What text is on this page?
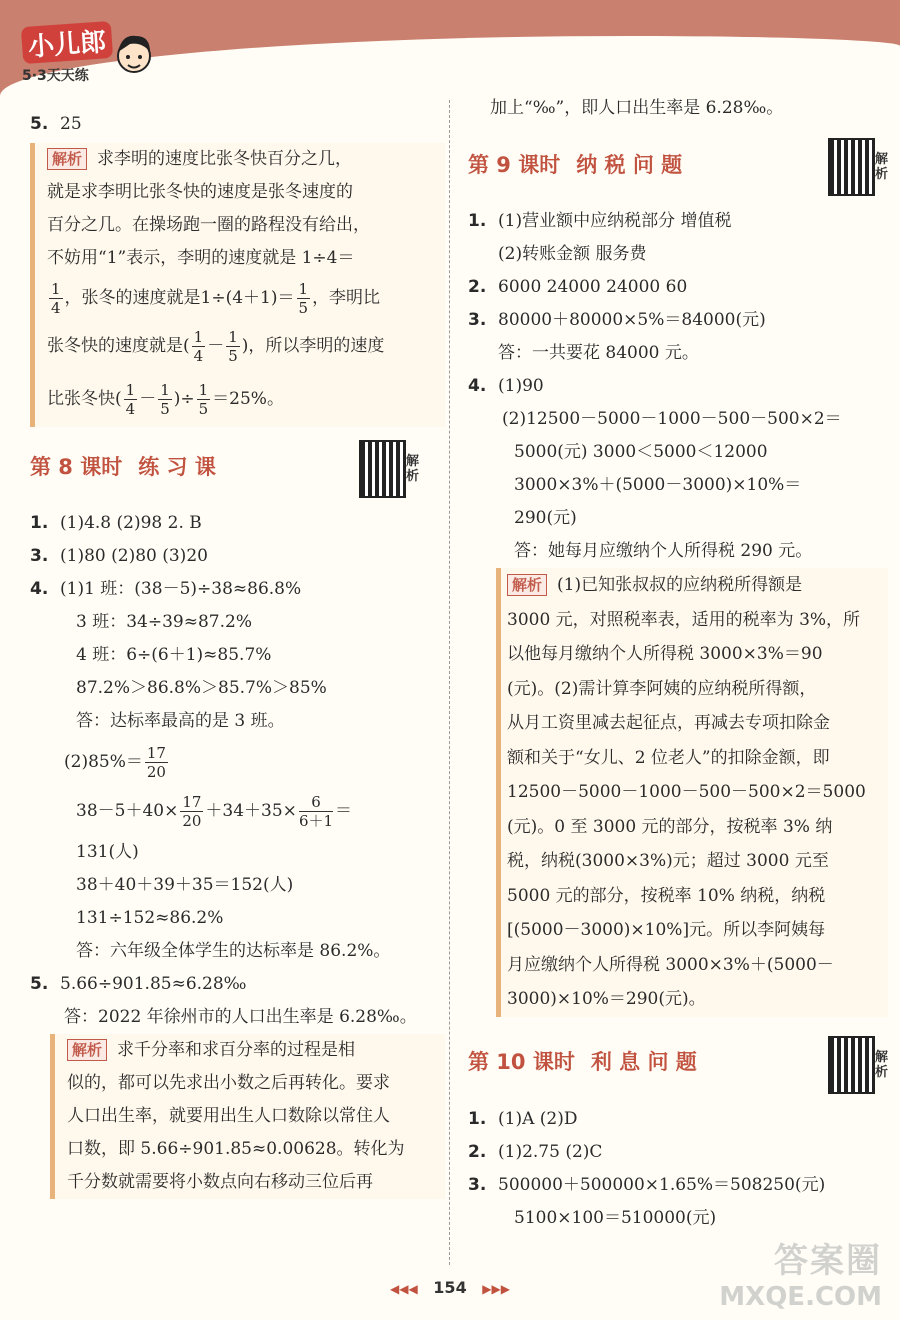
小儿郎
5·3天天练

5. 25

解析 求李明的速度比张冬快百分之几，

就是求李明比张冬快的速度是张冬速度的

百分之几。在操场跑一圈的路程没有给出，

不妨用“1”表示，李明的速度就是 1÷4＝

$\frac{1}{4}$ ，张冬的速度就是$1\div(4+1)= \frac{1}{5}$ ，李明比

张冬快的速度就是( $\frac{1}{4} - \frac{1}{5}$ )，所以李明的速度

比张冬快( $\frac{1}{4} - \frac{1}{5}$ )÷ $\frac{1}{5} =25\%$。

第 8 课时 练 习 课	解析

1. (1)4.8 (2)98 2. B

3. (1)80 (2)80 (3)20

4. (1)1 班：(38－5)÷38≈86.8%

3 班：34÷39≈87.2%

4 班：6÷(6＋1)≈85.7%

87.2%＞86.8%＞85.7%＞85%

答：达标率最高的是 3 班。

$(2)85\%= \frac{17}{20}$

$38-5+40\times \frac{17}{20} +34+35\times \frac{6}{6+1}$ ＝

131(人)

38＋40＋39＋35＝152(人)

131÷152≈86.2%

答：六年级全体学生的达标率是 86.2%。

5. 5.66÷901.85≈6.28‰

答：2022 年徐州市的人口出生率是 6.28‰。

解析 求千分率和求百分率的过程是相

似的，都可以先求出小数之后再转化。要求

人口出生率，就要用出生人口数除以常住人

口数，即 5.66÷901.85≈0.00628。转化为

千分数就需要将小数点向右移动三位后再

加上“‰”，即人口出生率是 6.28‰。

第 9 课时 纳 税 问 题	解析

1. (1)营业额中应纳税部分 增值税

(2)转账金额 服务费

2. 6000 24000 24000 60

3. 80000＋80000×5%＝84000(元)

答：一共要花 84000 元。

4. (1)90

(2)12500－5000－1000－500－500×2＝

5000(元) 3000＜5000＜12000

3000×3%＋(5000－3000)×10%＝

290(元)

答：她每月应缴纳个人所得税 290 元。

解析 (1)已知张叔叔的应纳税所得额是

3000 元，对照税率表，适用的税率为 3%，所

以他每月缴纳个人所得税 3000×3%＝90

(元)。(2)需计算李阿姨的应纳税所得额，

从月工资里减去起征点，再减去专项扣除金

额和关于“女儿、2 位老人”的扣除金额，即

12500－5000－1000－500－500×2＝5000

(元)。0 至 3000 元的部分，按税率 3% 纳

税，纳税(3000×3%)元；超过 3000 元至

5000 元的部分，按税率 10% 纳税，纳税

[(5000－3000)×10%]元。所以李阿姨每

月应缴纳个人所得税 3000×3%＋(5000－

3000)×10%＝290(元)。

第 10 课时 利 息 问 题	解析

1. (1)A (2)D

2. (1)2.75 (2)C

3. 500000＋500000×1.65%＝508250(元)

5100×100＝510000(元)

◀◀◀ 154 ▶▶▶
答案圈
MXQE.COM
